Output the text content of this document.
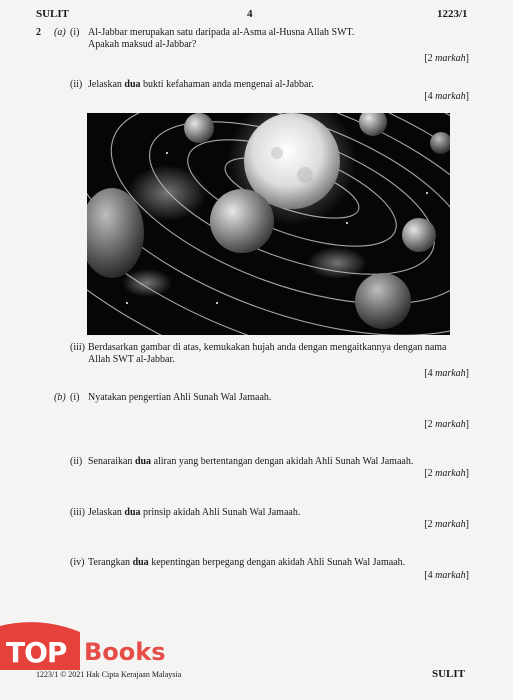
SULIT	4	1223/1
2 (a) (i) Al-Jabbar merupakan satu daripada al-Asma al-Husna Allah SWT.
Apakah maksud al-Jabbar?
[2 markah]
(ii) Jelaskan dua bukti kefahaman anda mengenai al-Jabbar.
[4 markah]
(iii) Berdasarkan gambar di atas, kemukakan hujah anda dengan mengaitkannya dengan nama
Allah SWT al-Jabbar.
[4 markah]
(b) (i) Nyatakan pengertian Ahli Sunah Wal Jamaah.
[2 markah]
(ii) Senaraikan dua aliran yang bertentangan dengan akidah Ahli Sunah Wal Jamaah.
[2 markah]
(iii) Jelaskan dua prinsip akidah Ahli Sunah Wal Jamaah.
[2 markah]
(iv) Terangkan dua kepentingan berpegang dengan akidah Ahli Sunah Wal Jamaah.
[4 markah]
TOP Books
1223/1 © 2021 Hak Cipta Kerajaan Malaysia	SULIT
